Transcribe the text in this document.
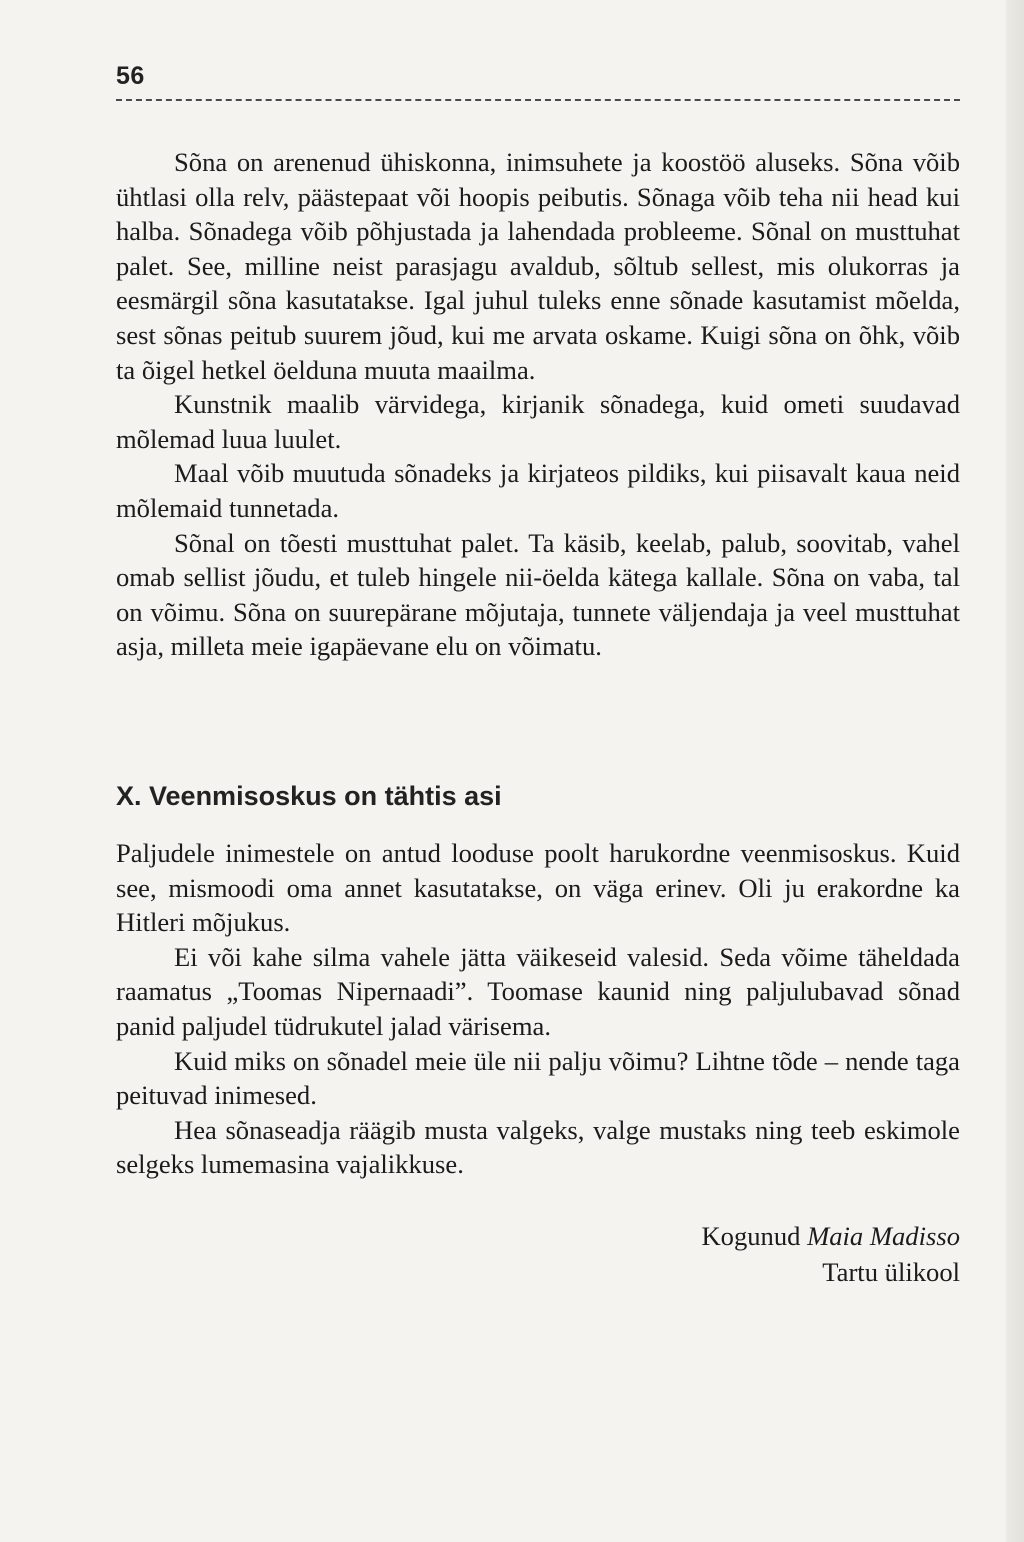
56

Sõna on arenenud ühiskonna, inimsuhete ja koostöö aluseks. Sõna võib ühtlasi olla relv, päästepaat või hoopis peibutis. Sõnaga võib teha nii head kui halba. Sõnadega võib põhjustada ja lahendada probleeme. Sõnal on musttuhat palet. See, milline neist parasjagu avaldub, sõltub sellest, mis olukorras ja eesmärgil sõna kasutatakse. Igal juhul tuleks enne sõnade kasutamist mõelda, sest sõnas peitub suurem jõud, kui me arvata oskame. Kuigi sõna on õhk, võib ta õigel hetkel öelduna muuta maailma.

Kunstnik maalib värvidega, kirjanik sõnadega, kuid ometi suudavad mõlemad luua luulet.

Maal võib muutuda sõnadeks ja kirjateos pildiks, kui piisavalt kaua neid mõlemaid tunnetada.

Sõnal on tõesti musttuhat palet. Ta käsib, keelab, palub, soovitab, vahel omab sellist jõudu, et tuleb hingele nii-öelda kätega kallale. Sõna on vaba, tal on võimu. Sõna on suurepärane mõjutaja, tunnete väljendaja ja veel musttuhat asja, milleta meie igapäevane elu on võimatu.

X. Veenmisoskus on tähtis asi

Paljudele inimestele on antud looduse poolt harukordne veenmisoskus. Kuid see, mismoodi oma annet kasutatakse, on väga erinev. Oli ju erakordne ka Hitleri mõjukus.

Ei või kahe silma vahele jätta väikeseid valesid. Seda võime täheldada raamatus „Toomas Nipernaadi”. Toomase kaunid ning paljulubavad sõnad panid paljudel tüdrukutel jalad värisema.

Kuid miks on sõnadel meie üle nii palju võimu? Lihtne tõde – nende taga peituvad inimesed.

Hea sõnaseadja räägib musta valgeks, valge mustaks ning teeb eskimole selgeks lumemasina vajalikkuse.

Kogunud Maia Madisso
Tartu ülikool
